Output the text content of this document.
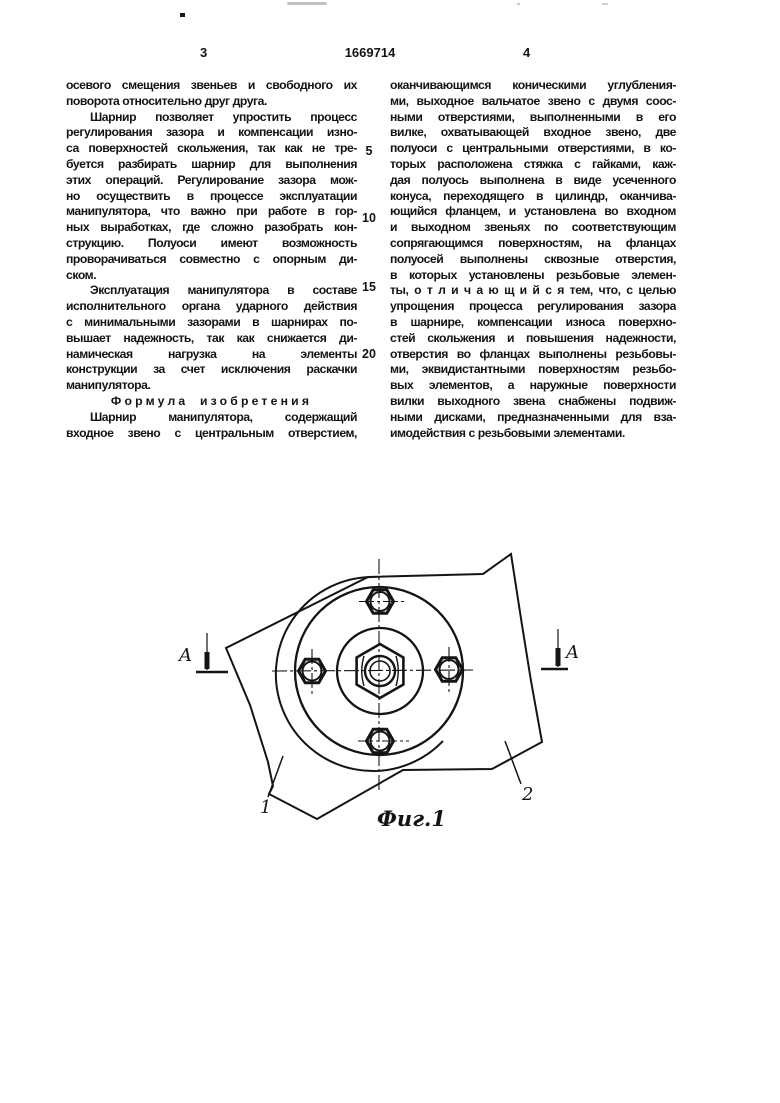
3	1669714	4
осевого смещения звеньев и свободного их
поворота относительно друг друга.
Шарнир позволяет упростить процесс
регулирования зазора и компенсации изно-
са поверхностей скольжения, так как не тре-
буется разбирать шарнир для выполнения
этих операций. Регулирование зазора мож-
но осуществить в процессе эксплуатации
манипулятора, что важно при работе в гор-
ных выработках, где сложно разобрать кон-
струкцию. Полуоси имеют возможность
проворачиваться совместно с опорным ди-
ском.
Эксплуатация манипулятора в составе
исполнительного органа ударного действия
с минимальными зазорами в шарнирах по-
вышает надежность, так как снижается ди-
намическая нагрузка на элементы
конструкции за счет исключения раскачки
манипулятора.
Формула изобретения
Шарнир манипулятора, содержащий
входное звено с центральным отверстием,
оканчивающимся коническими углубления-
ми, выходное вальчатое звено с двумя соос-
ными отверстиями, выполненными в его
вилке, охватывающей входное звено, две
полуоси с центральными отверстиями, в ко-
торых расположена стяжка с гайками, каж-
дая полуось выполнена в виде усеченного
конуса, переходящего в цилиндр, оканчива-
ющийся фланцем, и установлена во входном
и выходном звеньях по соответствующим
сопрягающимся поверхностям, на фланцах
полуосей выполнены сквозные отверстия,
в которых установлены резьбовые элемен-
ты, о т л и ч а ю щ и й с я тем, что, с целью
упрощения процесса регулирования зазора
в шарнире, компенсации износа поверхно-
стей скольжения и повышения надежности,
отверстия во фланцах выполнены резьбовы-
ми, эквидистантными поверхностям резьбо-
вых элементов, а наружные поверхности
вилки выходного звена снабжены подвиж-
ными дисками, предназначенными для вза-
имодействия с резьбовыми элементами.
5
10
15
20
A	A
1
2
Фиг.1
